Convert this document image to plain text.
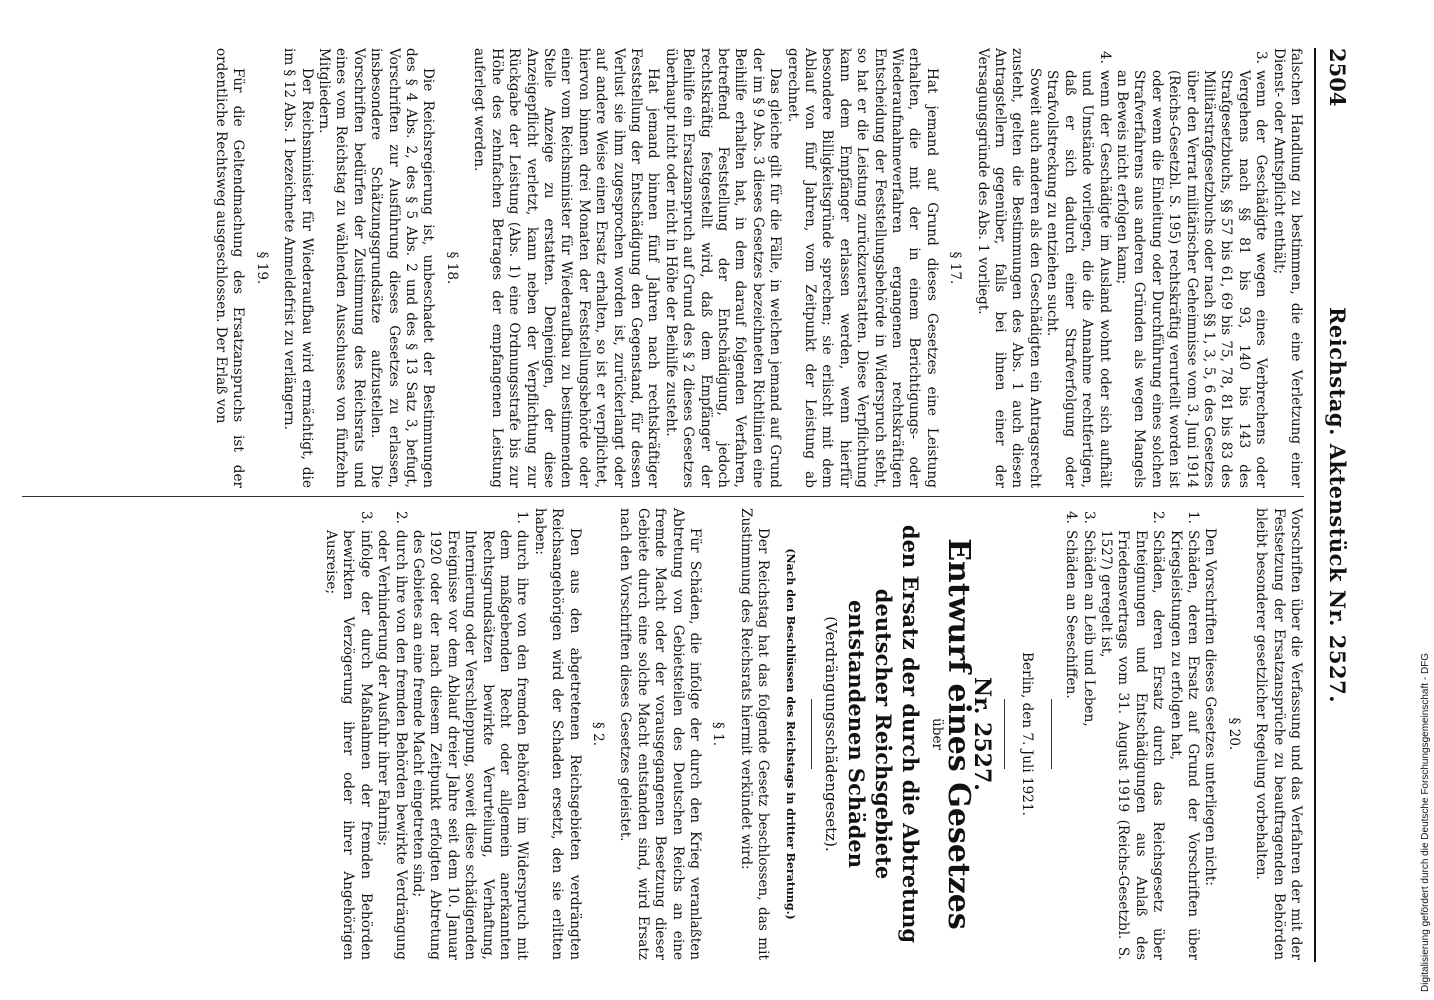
2504
Reichstag. Aktenstück Nr. 2527.

falschen Handlung zu bestimmen, die eine Verletzung einer Dienst- oder Amtspflicht enthält;

3.
wenn der Geschädigte wegen eines Verbrechens oder Vergehens nach §§ 81 bis 93, 140 bis 143 des Strafgesetzbuchs, §§ 57 bis 61, 69 bis 75, 78, 81 bis 83 des Militärstrafgesetzbuchs oder nach §§ 1, 3, 5, 6 des Gesetzes über den Verrat militärischer Geheimnisse vom 3. Juni 1914 (Reichs-Gesetzbl. S. 195) rechtskräftig verurteilt worden ist oder wenn die Einleitung oder Durchführung eines solchen Strafverfahrens aus anderen Gründen als wegen Mangels an Beweis nicht erfolgen kann;
4.
wenn der Geschädigte im Ausland wohnt oder sich aufhält und Umstände vorliegen, die die Annahme rechtfertigen, daß er sich dadurch einer Strafverfolgung oder Strafvollstreckung zu entziehen sucht.

Soweit auch anderen als den Geschädigten ein Antragsrecht zusteht, gelten die Bestimmungen des Abs. 1 auch diesen Antragstellern gegenüber, falls bei ihnen einer der Versagungsgründe des Abs. 1 vorliegt.

§ 17.

Hat jemand auf Grund dieses Gesetzes eine Leistung erhalten, die mit der in einem Berichtigungs- oder Wiederaufnahmeverfahren ergangenen rechtskräftigen Entscheidung der Feststellungsbehörde in Widerspruch steht, so hat er die Leistung zurückzuerstatten. Diese Verpflichtung kann dem Empfänger erlassen werden, wenn hierfür besondere Billigkeitsgründe sprechen; sie erlischt mit dem Ablauf von fünf Jahren, vom Zeitpunkt der Leistung ab gerechnet.

Das gleiche gilt für die Fälle, in welchen jemand auf Grund der im § 9 Abs. 3 dieses Gesetzes bezeichneten Richtlinien eine Beihilfe erhalten hat, in dem darauf folgenden Verfahren, betreffend Feststellung der Entschädigung, jedoch rechtskräftig festgestellt wird, daß dem Empfänger der Beihilfe ein Ersatzanspruch auf Grund des § 2 dieses Gesetzes überhaupt nicht oder nicht in Höhe der Beihilfe zusteht.

Hat jemand binnen fünf Jahren nach rechtskräftiger Feststellung der Entschädigung den Gegenstand, für dessen Verlust sie ihm zugesprochen worden ist, zurückerlangt oder auf andere Weise einen Ersatz erhalten, so ist er verpflichtet, hiervon binnen drei Monaten der Feststellungsbehörde oder einer vom Reichsminister für Wiederaufbau zu bestimmenden Stelle Anzeige zu erstatten. Denjenigen, der diese Anzeigepflicht verletzt, kann neben der Verpflichtung zur Rückgabe der Leistung (Abs. 1) eine Ordnungsstrafe bis zur Höhe des zehnfachen Betrages der empfangenen Leistung auferlegt werden.

§ 18.

Die Reichsregierung ist, unbeschadet der Bestimmungen des § 4 Abs. 2, des § 5 Abs. 2 und des § 13 Satz 3, befugt, Vorschriften zur Ausführung dieses Gesetzes zu erlassen, insbesondere Schätzungsgrundsätze aufzustellen. Die Vorschriften bedürfen der Zustimmung des Reichsrats und eines vom Reichstag zu wählenden Ausschusses von fünfzehn Mitgliedern.

Der Reichsminister für Wiederaufbau wird ermächtigt, die im § 12 Abs. 1 bezeichnete Anmeldefrist zu verlängern.

§ 19.

Für die Geltendmachung des Ersatzanspruchs ist der ordentliche Rechtsweg ausgeschlossen. Der Erlaß von

Vorschriften über die Verfassung und das Verfahren der mit der Festsetzung der Ersatzansprüche zu beauftragenden Behörden bleibt besonderer gesetzlicher Regelung vorbehalten.

§ 20.

Den Vorschriften dieses Gesetzes unterliegen nicht:

1.
Schäden, deren Ersatz auf Grund der Vorschriften über Kriegsleistungen zu erfolgen hat,
2.
Schäden, deren Ersatz durch das Reichsgesetz über Enteignungen und Entschädigungen aus Anlaß des Friedensvertrags vom 31. August 1919 (Reichs-Gesetzbl. S. 1527) geregelt ist,
3.
Schäden an Leib und Leben,
4.
Schäden an Seeschiffen.
Berlin, den 7. Juli 1921.
Nr. 2527.
Entwurf eines Gesetzes
über
den Ersatz der durch die Abtretung deutscher Reichsgebiete entstandenen Schäden
(Verdrängungsschädengesetz).
(Nach den Beschlüssen des Reichstags in dritter Beratung.)

Der Reichstag hat das folgende Gesetz beschlossen, das mit Zustimmung des Reichsrats hiermit verkündet wird:

§ 1.

Für Schäden, die infolge der durch den Krieg veranlaßten Abtretung von Gebietsteilen des Deutschen Reichs an eine fremde Macht oder der vorausgegangenen Besetzung dieser Gebiete durch eine solche Macht entstanden sind, wird Ersatz nach den Vorschriften dieses Gesetzes geleistet.

§ 2.

Den aus den abgetretenen Reichsgebieten verdrängten Reichsangehörigen wird der Schaden ersetzt, den sie erlitten haben:

1.
durch ihre von den fremden Behörden im Widerspruch mit dem maßgebenden Recht oder allgemein anerkannten Rechtsgrundsätzen bewirkte Verurteilung, Verhaftung, Internierung oder Verschleppung, soweit diese schädigenden Ereignisse vor dem Ablauf dreier Jahre seit dem 10. Januar 1920 oder der nach diesem Zeitpunkt erfolgten Abtretung des Gebietes an eine fremde Macht eingetreten sind;
2.
durch ihre von den fremden Behörden bewirkte Verdrängung oder Verhinderung der Ausfuhr ihrer Fahrnis;
3.
infolge der durch Maßnahmen der fremden Behörden bewirkten Verzögerung ihrer oder ihrer Angehörigen Ausreise;
Digitalisierung gefördert durch die Deutsche Forschungsgemeinschaft - DFG
